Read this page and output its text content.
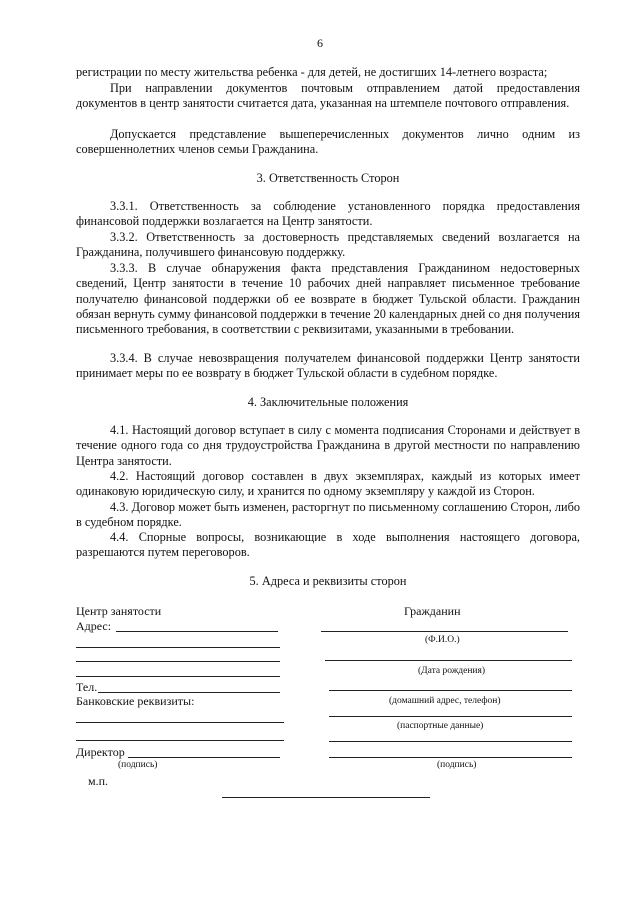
6

регистрации по месту жительства ребенка - для детей, не достигших 14-летнего возраста;

При направлении документов почтовым отправлением датой предоставления документов в центр занятости считается дата, указанная на штемпеле почтового отправления.

Допускается представление вышеперечисленных документов лично одним из совершеннолетних членов семьи Гражданина.

3. Ответственность Сторон

3.3.1. Ответственность за соблюдение установленного порядка предоставления финансовой поддержки возлагается на Центр занятости.

3.3.2. Ответственность за достоверность представляемых сведений возлагается на Гражданина, получившего финансовую поддержку.

3.3.3. В случае обнаружения факта представления Гражданином недостоверных сведений, Центр занятости в течение 10 рабочих дней направляет письменное требование получателю финансовой поддержки об ее возврате в бюджет Тульской области. Гражданин обязан вернуть сумму финансовой поддержки в течение 20 календарных дней со дня получения письменного требования, в соответствии с реквизитами, указанными в требовании.

3.3.4. В случае невозвращения получателем финансовой поддержки Центр занятости принимает меры по ее возврату в бюджет Тульской области в судебном порядке.

4. Заключительные положения

4.1. Настоящий договор вступает в силу с момента подписания Сторонами и действует в течение одного года со дня трудоустройства Гражданина в другой местности по направлению Центра занятости.

4.2. Настоящий договор составлен в двух экземплярах, каждый из которых имеет одинаковую юридическую силу, и хранится по одному экземпляру у каждой из Сторон.

4.3. Договор может быть изменен, расторгнут по письменному соглашению Сторон, либо в судебном порядке.

4.4. Спорные вопросы, возникающие в ходе выполнения настоящего договора, разрешаются путем переговоров.

5. Адреса и реквизиты сторон

Центр занятости
Адрес:
Тел.
Банковские реквизиты:
Директор
(подпись)
м.п.
Гражданин
(Ф.И.О.)
(Дата рождения)
(домашний адрес, телефон)
(паспортные данные)
(подпись)
